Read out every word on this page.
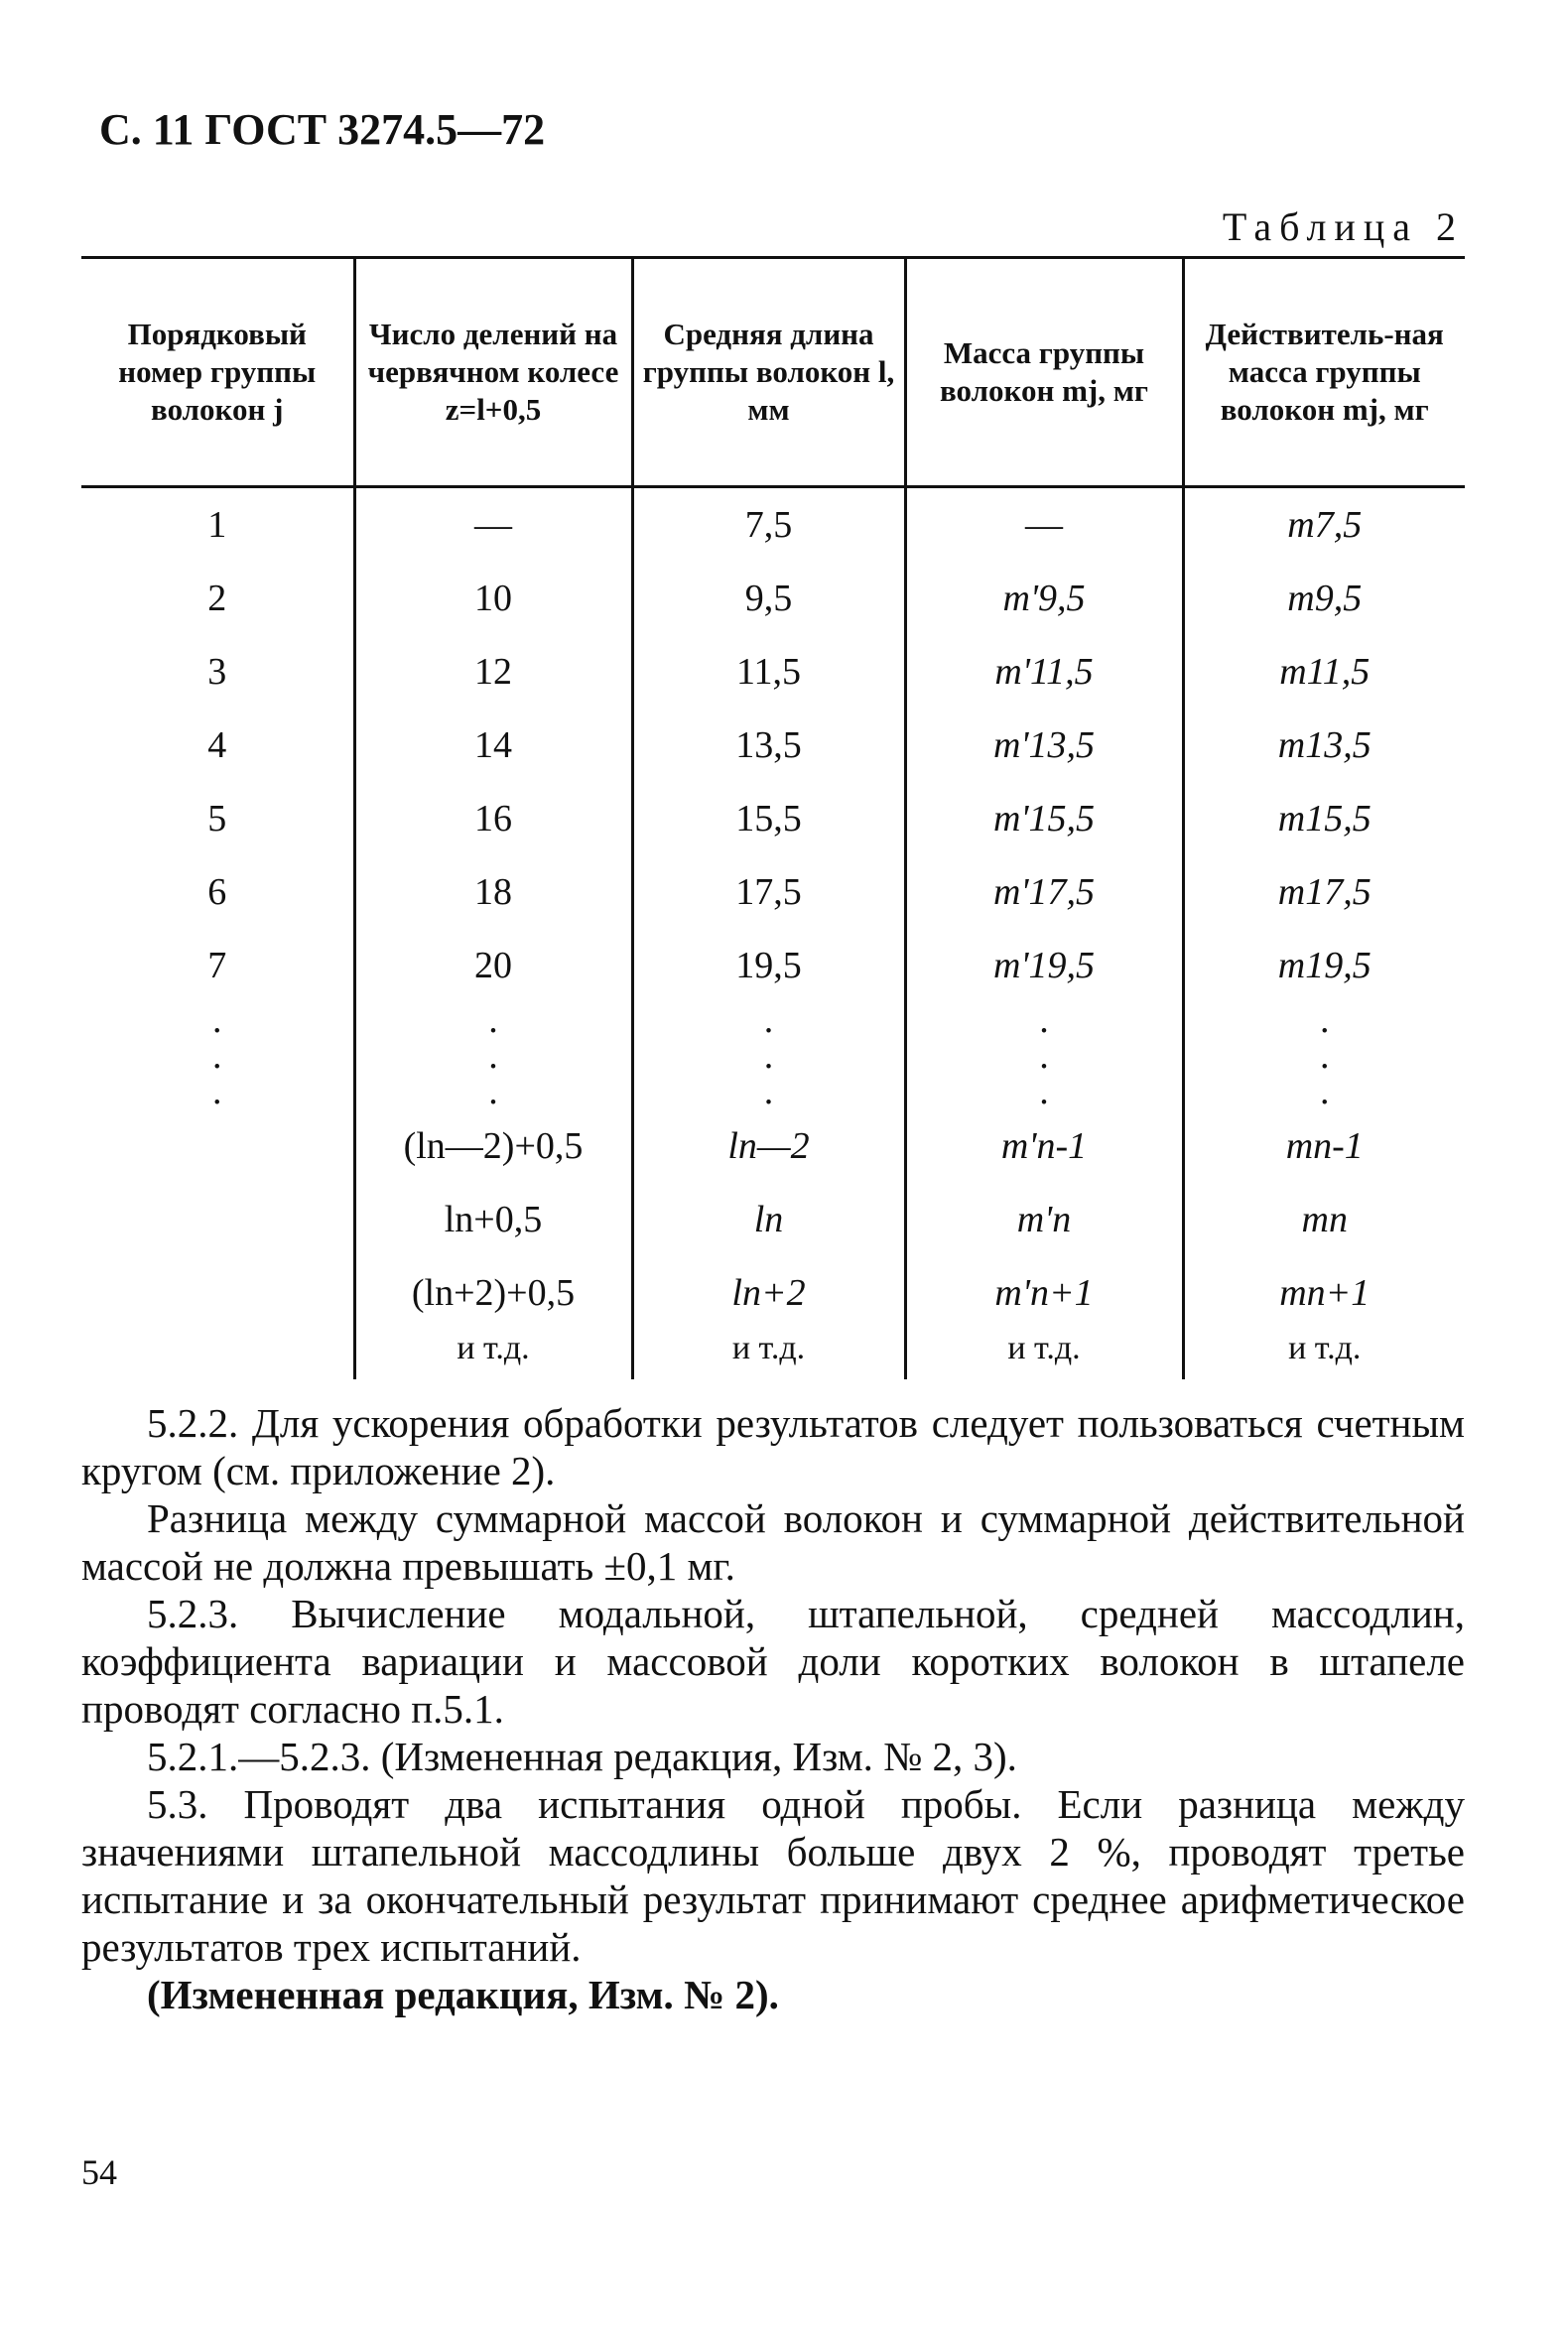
С. 11 ГОСТ 3274.5—72
Таблица 2
Порядковый номер группы волокон j	Число делений на червячном колесе z=l+0,5	Средняя длина группы волокон l, мм	Масса группы волокон mj, мг	Действитель-ная масса группы волокон mj, мг
1	—	7,5	—	m7,5
2	10	9,5	m'9,5	m9,5
3	12	11,5	m'11,5	m11,5
4	14	13,5	m'13,5	m13,5
5	16	15,5	m'15,5	m15,5
6	18	17,5	m'17,5	m17,5
7	20	19,5	m'19,5	m19,5
.	.	.	.	.
.	.	.	.	.
.	.	.	.	.
	(ln—2)+0,5	ln—2	m'n-1	mn-1
	ln+0,5	ln	m'n	mn
	(ln+2)+0,5	ln+2	m'n+1	mn+1
	и т.д.	и т.д.	и т.д.	и т.д.

5.2.2. Для ускорения обработки результатов следует пользоваться счетным кругом (см. приложение 2).

Разница между суммарной массой волокон и суммарной действительной массой не должна превышать ±0,1 мг.

5.2.3. Вычисление модальной, штапельной, средней массодлин, коэффициента вариации и массовой доли коротких волокон в штапеле проводят согласно п.5.1.

5.2.1.—5.2.3. (Измененная редакция, Изм. № 2, 3).

5.3. Проводят два испытания одной пробы. Если разница между значениями штапельной массодлины больше двух 2 %, проводят третье испытание и за окончательный результат принимают среднее арифметическое результатов трех испытаний.

(Измененная редакция, Изм. № 2).

54
